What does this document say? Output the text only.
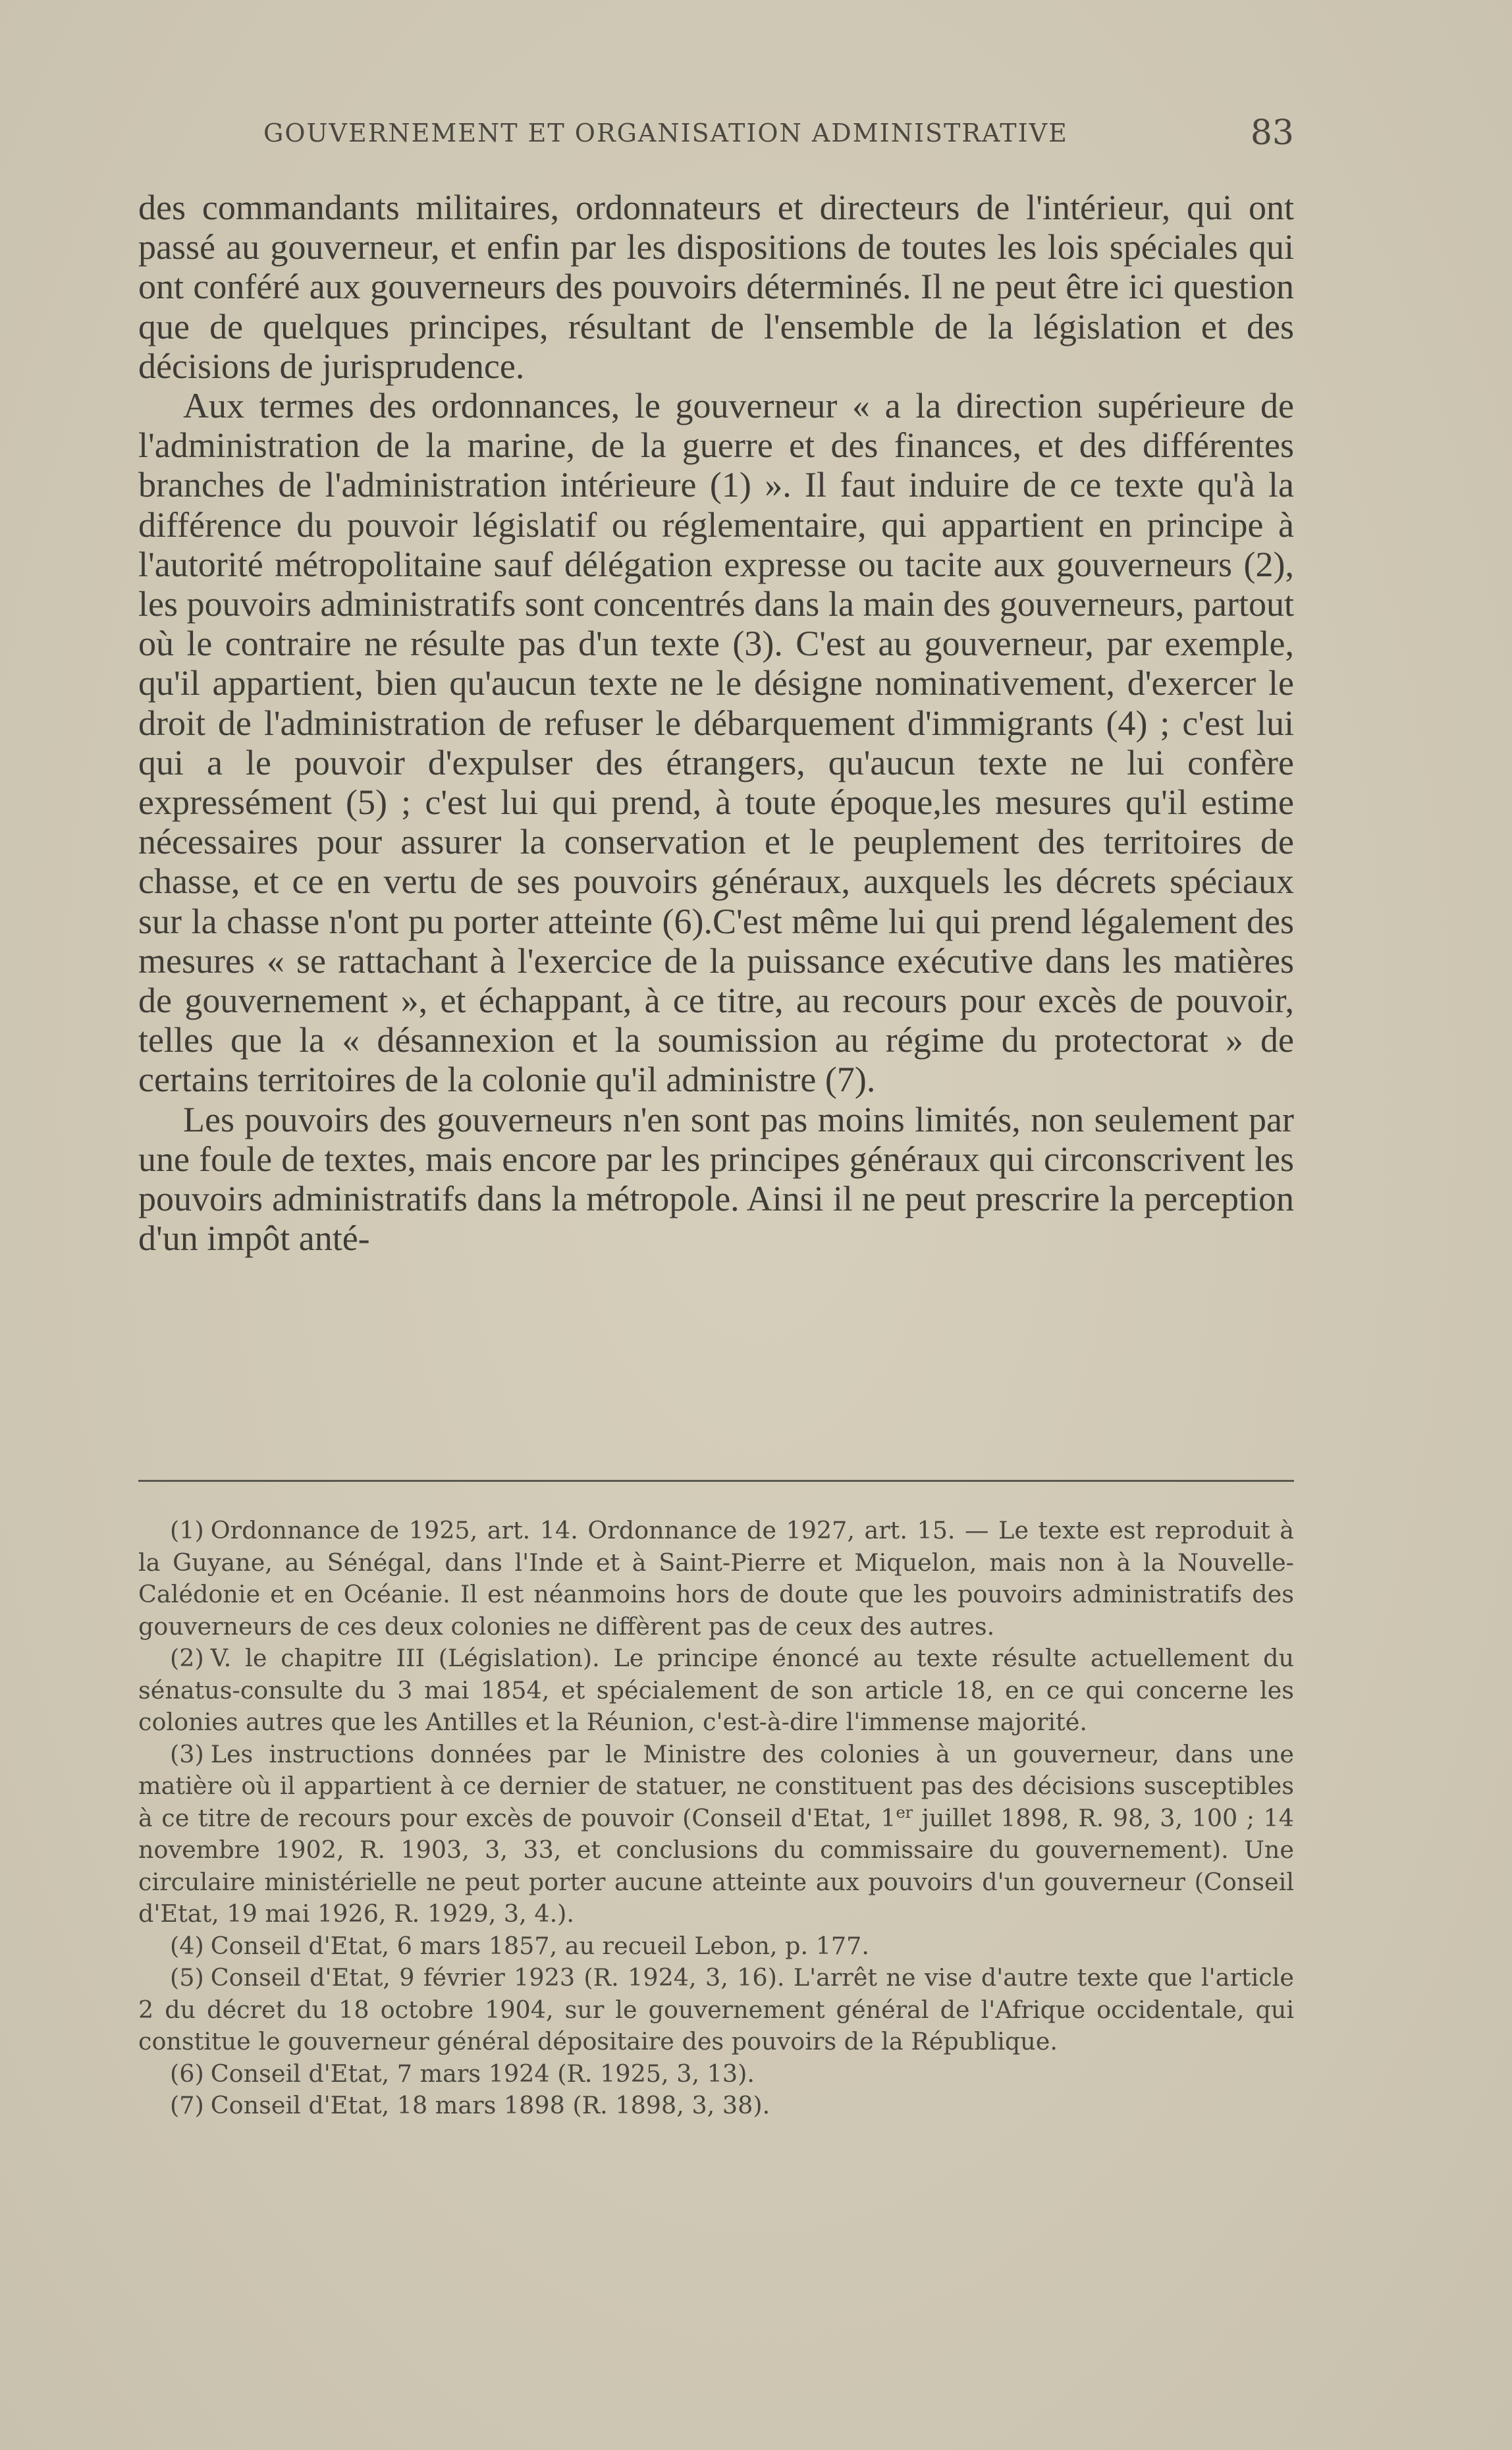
GOUVERNEMENT ET ORGANISATION ADMINISTRATIVE	83

des commandants militaires, ordonnateurs et directeurs de l'intérieur, qui ont passé au gouverneur, et enfin par les dispositions de toutes les lois spéciales qui ont conféré aux gouverneurs des pouvoirs déterminés. Il ne peut être ici question que de quelques principes, résultant de l'ensemble de la législation et des décisions de jurisprudence.

Aux termes des ordonnances, le gouverneur « a la direction supérieure de l'administration de la marine, de la guerre et des finances, et des différentes branches de l'administration intérieure (1) ». Il faut induire de ce texte qu'à la différence du pouvoir législatif ou réglementaire, qui appartient en principe à l'autorité métropolitaine sauf délégation expresse ou tacite aux gouverneurs (2), les pouvoirs administratifs sont concentrés dans la main des gouverneurs, partout où le contraire ne résulte pas d'un texte (3). C'est au gouverneur, par exemple, qu'il appartient, bien qu'aucun texte ne le désigne nominativement, d'exercer le droit de l'administration de refuser le débarquement d'immigrants (4) ; c'est lui qui a le pouvoir d'expulser des étrangers, qu'aucun texte ne lui confère expressément (5) ; c'est lui qui prend, à toute époque,les mesures qu'il estime nécessaires pour assurer la conservation et le peuplement des territoires de chasse, et ce en vertu de ses pouvoirs généraux, auxquels les décrets spéciaux sur la chasse n'ont pu porter atteinte (6).C'est même lui qui prend légalement des mesures « se rattachant à l'exercice de la puissance exécutive dans les matières de gouvernement », et échappant, à ce titre, au recours pour excès de pouvoir, telles que la « désannexion et la soumission au régime du protectorat » de certains territoires de la colonie qu'il administre (7).

Les pouvoirs des gouverneurs n'en sont pas moins limités, non seulement par une foule de textes, mais encore par les principes généraux qui circonscrivent les pouvoirs administratifs dans la métropole. Ainsi il ne peut prescrire la perception d'un impôt anté-

(1) Ordonnance de 1925, art. 14. Ordonnance de 1927, art. 15. — Le texte est reproduit à la Guyane, au Sénégal, dans l'Inde et à Saint-Pierre et Miquelon, mais non à la Nouvelle-Calédonie et en Océanie. Il est néanmoins hors de doute que les pouvoirs administratifs des gouverneurs de ces deux colonies ne diffèrent pas de ceux des autres.

(2) V. le chapitre III (Législation). Le principe énoncé au texte résulte actuellement du sénatus-consulte du 3 mai 1854, et spécialement de son article 18, en ce qui concerne les colonies autres que les Antilles et la Réunion, c'est-à-dire l'immense majorité.

(3) Les instructions données par le Ministre des colonies à un gouverneur, dans une matière où il appartient à ce dernier de statuer, ne constituent pas des décisions susceptibles à ce titre de recours pour excès de pouvoir (Conseil d'Etat, 1er juillet 1898, R. 98, 3, 100 ; 14 novembre 1902, R. 1903, 3, 33, et conclusions du commissaire du gouvernement). Une circulaire ministérielle ne peut porter aucune atteinte aux pouvoirs d'un gouverneur (Conseil d'Etat, 19 mai 1926, R. 1929, 3, 4.).

(4) Conseil d'Etat, 6 mars 1857, au recueil Lebon, p. 177.

(5) Conseil d'Etat, 9 février 1923 (R. 1924, 3, 16). L'arrêt ne vise d'autre texte que l'article 2 du décret du 18 octobre 1904, sur le gouvernement général de l'Afrique occidentale, qui constitue le gouverneur général dépositaire des pouvoirs de la République.

(6) Conseil d'Etat, 7 mars 1924 (R. 1925, 3, 13).

(7) Conseil d'Etat, 18 mars 1898 (R. 1898, 3, 38).
